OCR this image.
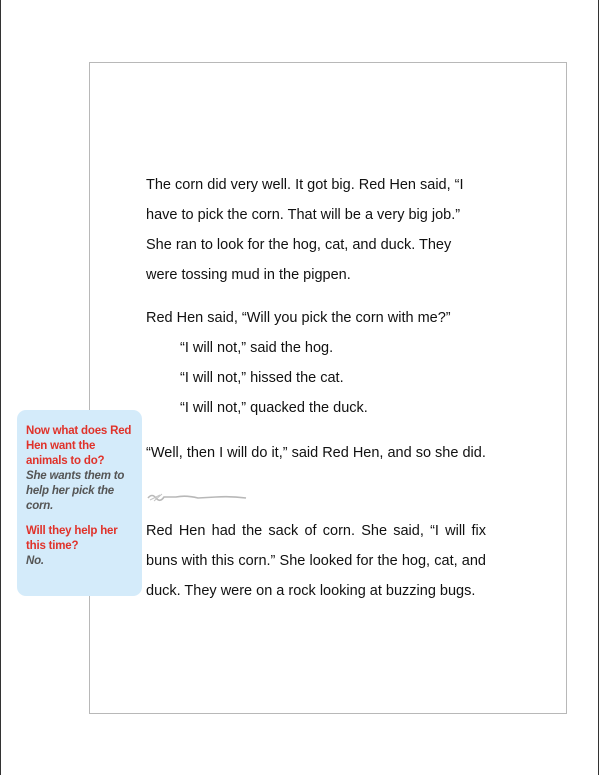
The corn did very well. It got big. Red Hen said, “I have to pick the corn. That will be a very big job.” She ran to look for the hog, cat, and duck. They were tossing mud in the pigpen.

Red Hen said, “Will you pick the corn with me?”

“I will not,” said the hog.

“I will not,” hissed the cat.

“I will not,” quacked the duck.

“Well, then I will do it,” said Red Hen, and so she did.

Red Hen had the sack of corn. She said, “I will fix buns with this corn.” She looked for the hog, cat, and duck. They were on a rock looking at buzzing bugs.

Now what does Red Hen want the animals to do?
She wants them to help her pick the corn.
Will they help her this time?
No.
